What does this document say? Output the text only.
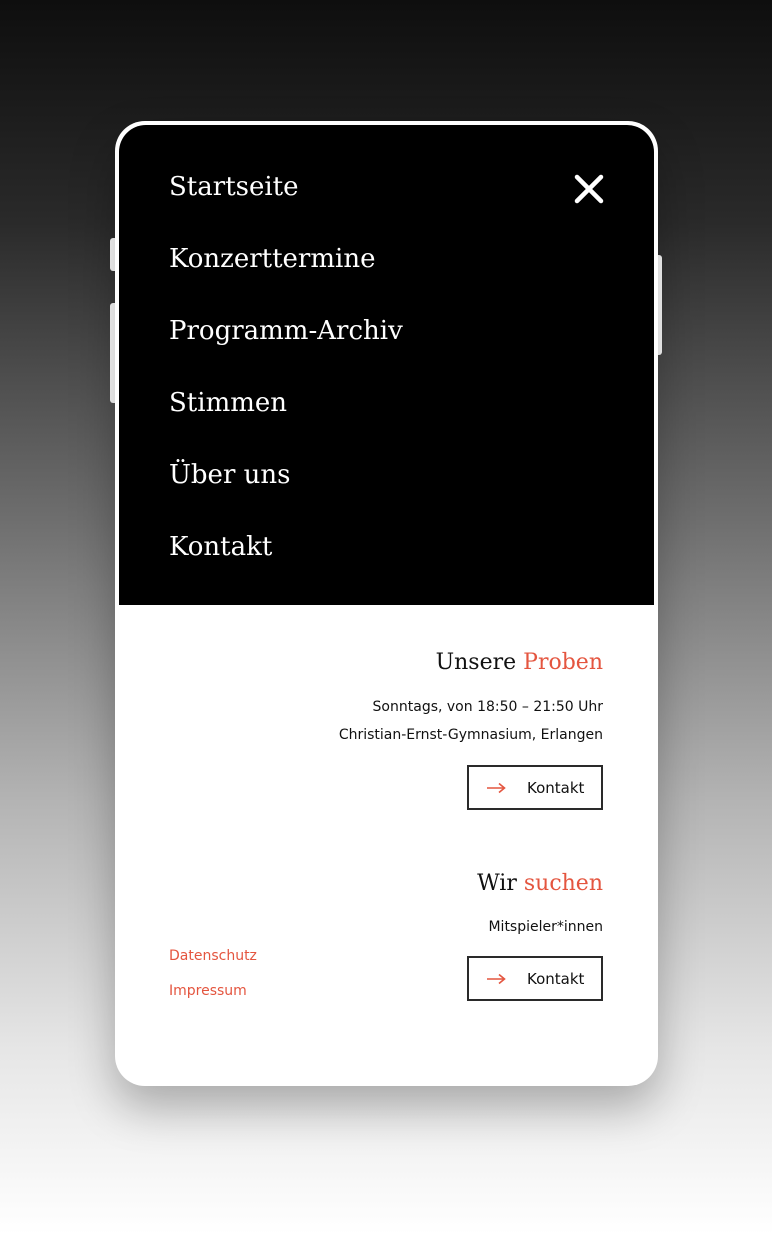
Startseite
Konzerttermine
Programm-Archiv
Stimmen
Über uns
Kontakt
Unsere Proben
Sonntags, von 18:50 – 21:50 Uhr
Christian-Ernst-Gymnasium, Erlangen
Kontakt
Wir suchen
Mitspieler*innen
Kontakt
Datenschutz
Impressum
